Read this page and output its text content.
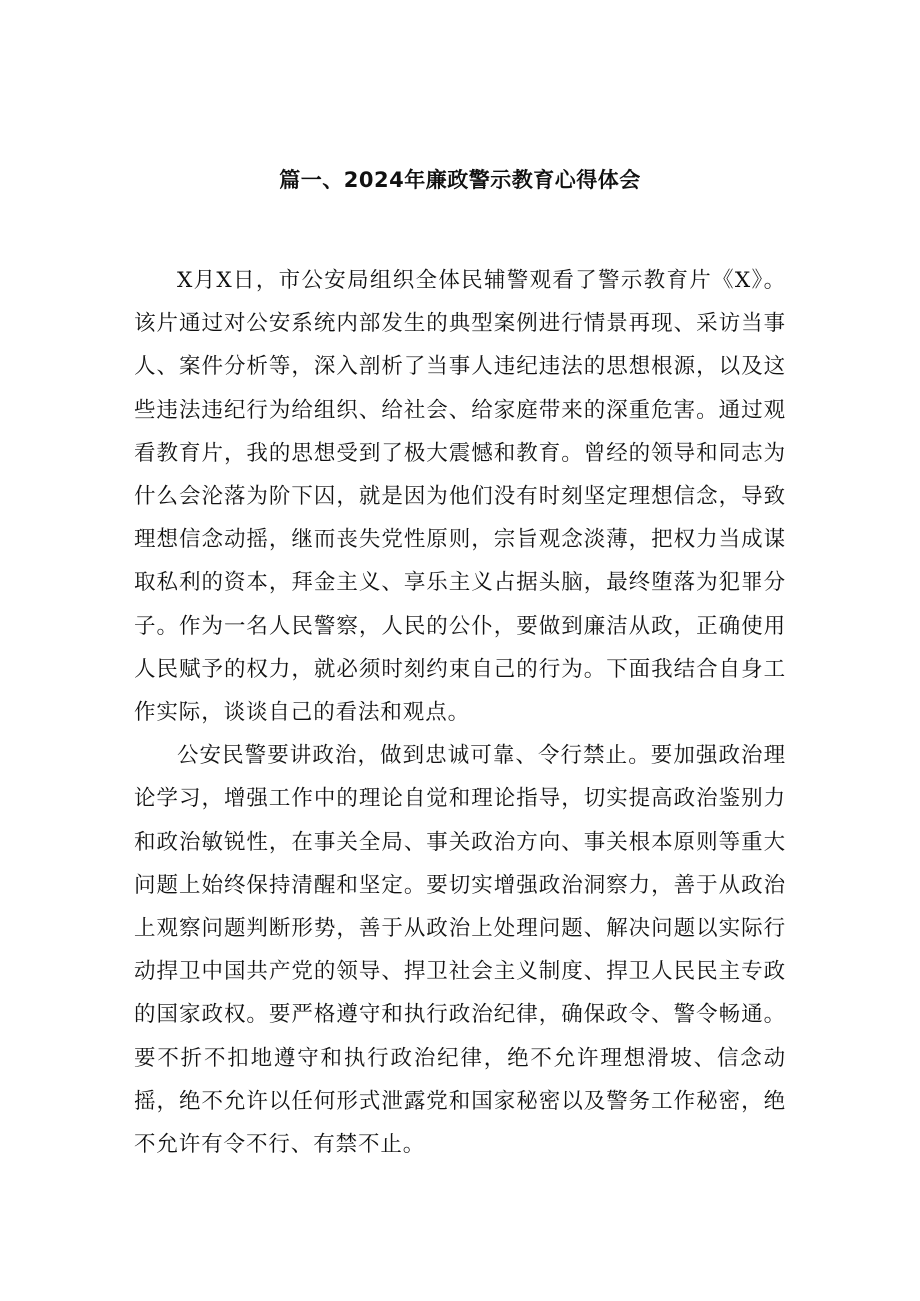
篇一、2024年廉政警示教育心得体会

X月X日，市公安局组织全体民辅警观看了警示教育片《X》。该片通过对公安系统内部发生的典型案例进行情景再现、采访当事人、案件分析等，深入剖析了当事人违纪违法的思想根源，以及这些违法违纪行为给组织、给社会、给家庭带来的深重危害。通过观看教育片，我的思想受到了极大震憾和教育。曾经的领导和同志为什么会沦落为阶下囚，就是因为他们没有时刻坚定理想信念，导致理想信念动摇，继而丧失党性原则，宗旨观念淡薄，把权力当成谋取私利的资本，拜金主义、享乐主义占据头脑，最终堕落为犯罪分子。作为一名人民警察，人民的公仆，要做到廉洁从政，正确使用人民赋予的权力，就必须时刻约束自己的行为。下面我结合自身工作实际，谈谈自己的看法和观点。

公安民警要讲政治，做到忠诚可靠、令行禁止。要加强政治理论学习，增强工作中的理论自觉和理论指导，切实提高政治鉴别力和政治敏锐性，在事关全局、事关政治方向、事关根本原则等重大问题上始终保持清醒和坚定。要切实增强政治洞察力，善于从政治上观察问题判断形势，善于从政治上处理问题、解决问题以实际行动捍卫中国共产党的领导、捍卫社会主义制度、捍卫人民民主专政的国家政权。要严格遵守和执行政治纪律，确保政令、警令畅通。要不折不扣地遵守和执行政治纪律，绝不允许理想滑坡、信念动摇，绝不允许以任何形式泄露党和国家秘密以及警务工作秘密，绝不允许有令不行、有禁不止。
